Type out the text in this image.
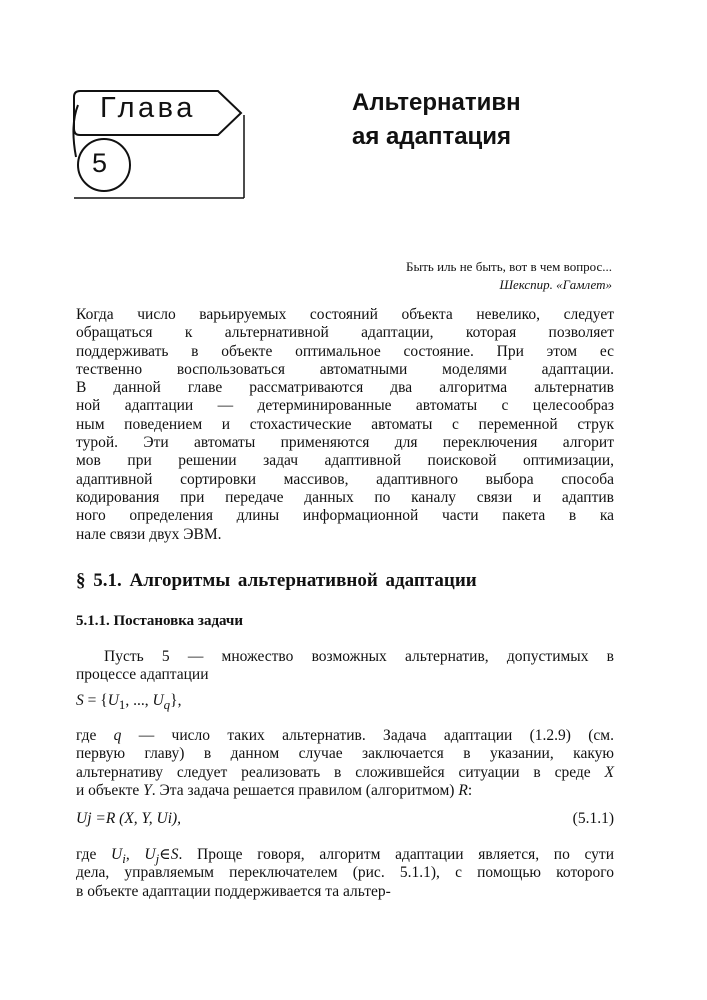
Глава
5
Альтернативн
ая адаптация
Быть иль не быть, вот в чем вопрос...
Шекспир. «Гамлет»
Когда число варьируемых состояний объекта невелико, следует
обращаться к альтернативной адаптации, которая позволяет
поддерживать в объекте оптимальное состояние. При этом ес
тественно воспользоваться автоматными моделями адаптации.
В данной главе рассматриваются два алгоритма альтернатив
ной адаптации — детерминированные автоматы с целесообраз
ным поведением и стохастические автоматы с переменной струк
турой. Эти автоматы применяются для переключения алгорит
мов при решении задач адаптивной поисковой оптимизации,
адаптивной сортировки массивов, адаптивного выбора способа
кодирования при передаче данных по каналу связи и адаптив
ного определения длины информационной части пакета в ка
нале связи двух ЭВМ.
§ 5.1. Алгоритмы альтернативной адаптации
5.1.1. Постановка задачи
Пусть 5 — множество возможных альтернатив, допустимых в
процессе адаптации
$S = \{U_1$, ..., $U_q$},
где q — число таких альтернатив. Задача адаптации (1.2.9) (см.
первую главу) в данном случае заключается в указании, какую
альтернативу следует реализовать в сложившейся ситуации в среде X
и объекте Y. Эта задача решается правилом (алгоритмом) R:
Uj =R (X, Y, Ui),	(5.1.1)
где $U_i$, $U_j\in S$. Проще говоря, алгоритм адаптации является, по сути
дела, управляемым переключателем (рис. 5.1.1), с помощью которого
в объекте адаптации поддерживается та альтер-
